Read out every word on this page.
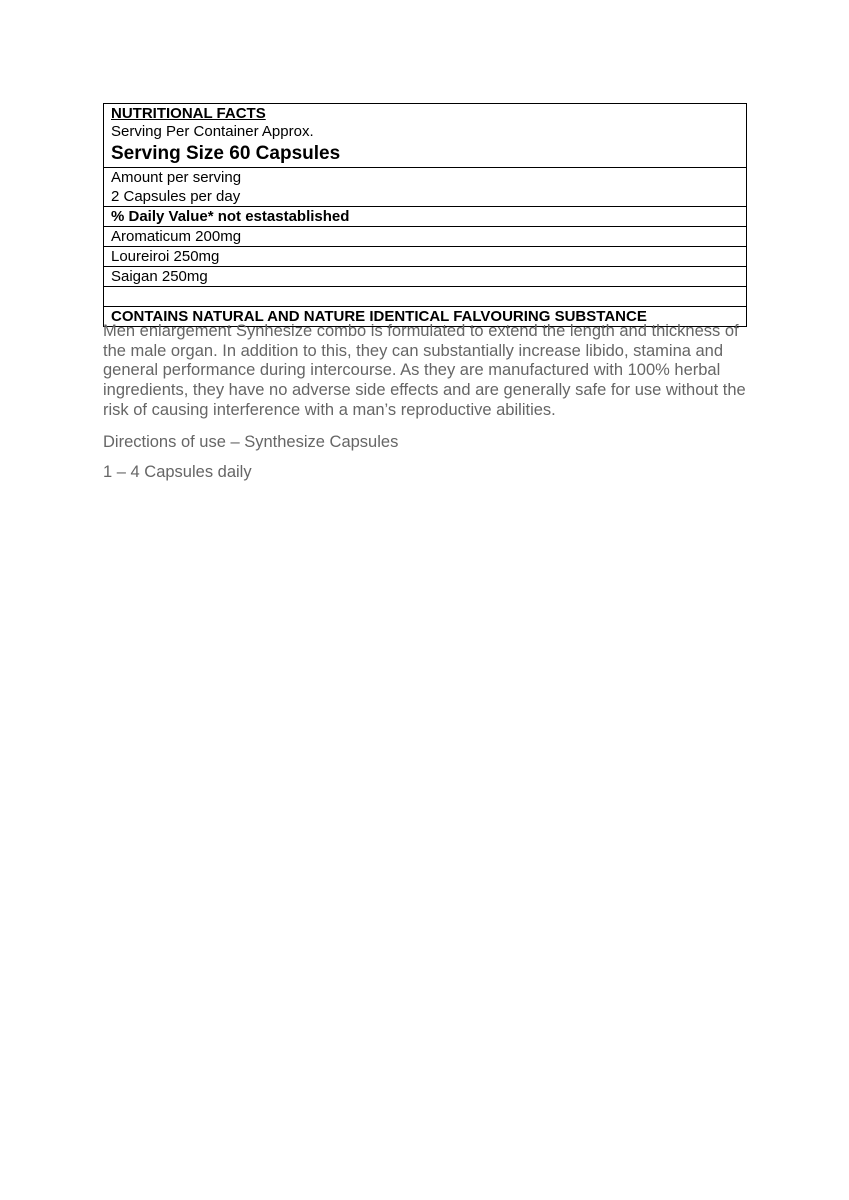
NUTRITIONAL FACTS
Serving Per Container Approx.
Serving Size 60 Capsules
Amount per serving
2 Capsules per day
% Daily Value* not estastablished
Aromaticum 200mg
Loureiroi 250mg
Saigan 250mg
CONTAINS NATURAL AND NATURE IDENTICAL FALVOURING SUBSTANCE

Men enlargement Synhesize combo is formulated to extend the length and thickness of the male organ. In addition to this, they can substantially increase libido, stamina and general performance during intercourse. As they are manufactured with 100% herbal ingredients, they have no adverse side effects and are generally safe for use without the risk of causing interference with a man’s reproductive abilities.

Directions of use – Synthesize Capsules

1 – 4 Capsules daily
